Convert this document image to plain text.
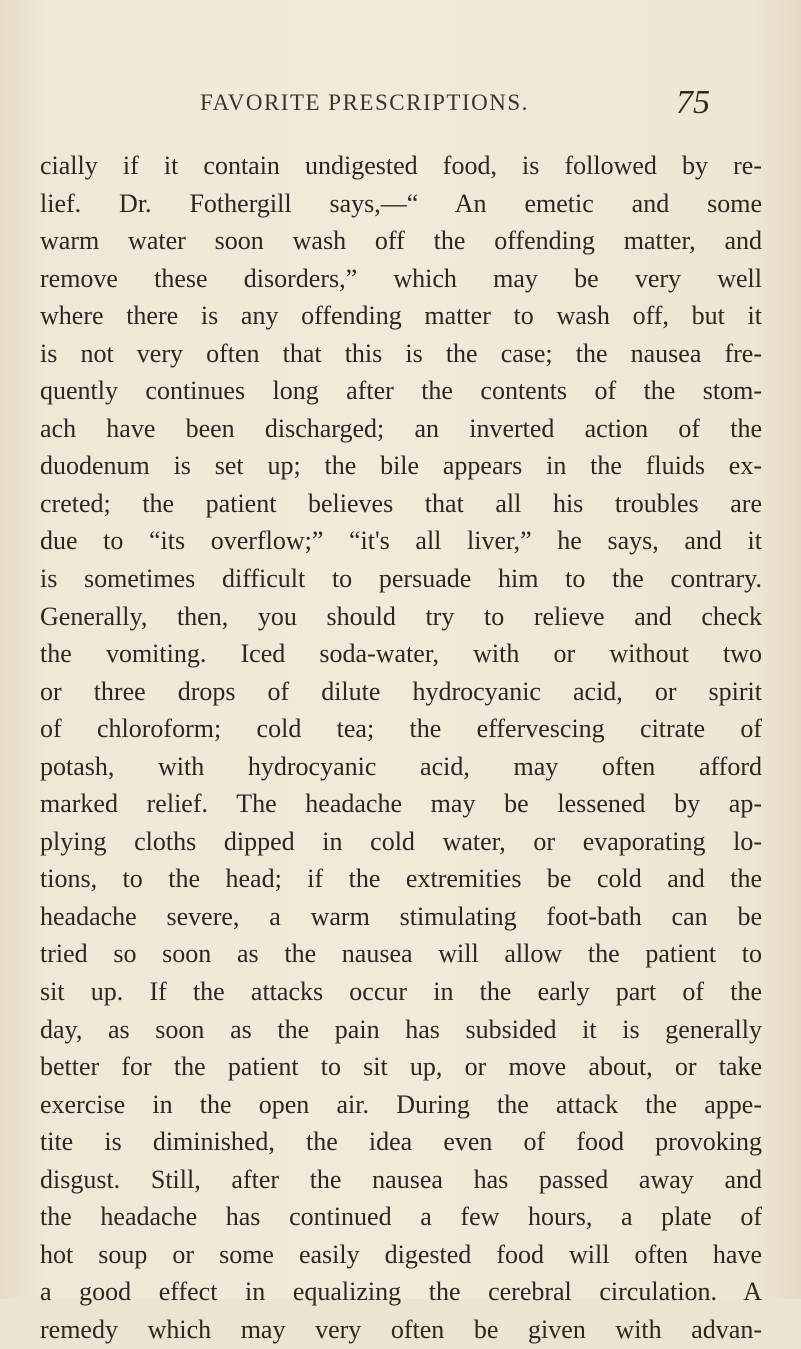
FAVORITE PRESCRIPTIONS.	75
cially if it contain undigested food, is followed by re-
lief. Dr. Fothergill says,—“ An emetic and some
warm water soon wash off the offending matter, and
remove these disorders,” which may be very well
where there is any offending matter to wash off, but it
is not very often that this is the case; the nausea fre-
quently continues long after the contents of the stom-
ach have been discharged; an inverted action of the
duodenum is set up; the bile appears in the fluids ex-
creted; the patient believes that all his troubles are
due to “its overflow;” “it's all liver,” he says, and it
is sometimes difficult to persuade him to the contrary.
Generally, then, you should try to relieve and check
the vomiting. Iced soda-water, with or without two
or three drops of dilute hydrocyanic acid, or spirit
of chloroform; cold tea; the effervescing citrate of
potash, with hydrocyanic acid, may often afford
marked relief. The headache may be lessened by ap-
plying cloths dipped in cold water, or evaporating lo-
tions, to the head; if the extremities be cold and the
headache severe, a warm stimulating foot-bath can be
tried so soon as the nausea will allow the patient to
sit up. If the attacks occur in the early part of the
day, as soon as the pain has subsided it is generally
better for the patient to sit up, or move about, or take
exercise in the open air. During the attack the appe-
tite is diminished, the idea even of food provoking
disgust. Still, after the nausea has passed away and
the headache has continued a few hours, a plate of
hot soup or some easily digested food will often have
a good effect in equalizing the cerebral circulation. A
remedy which may very often be given with advan-
